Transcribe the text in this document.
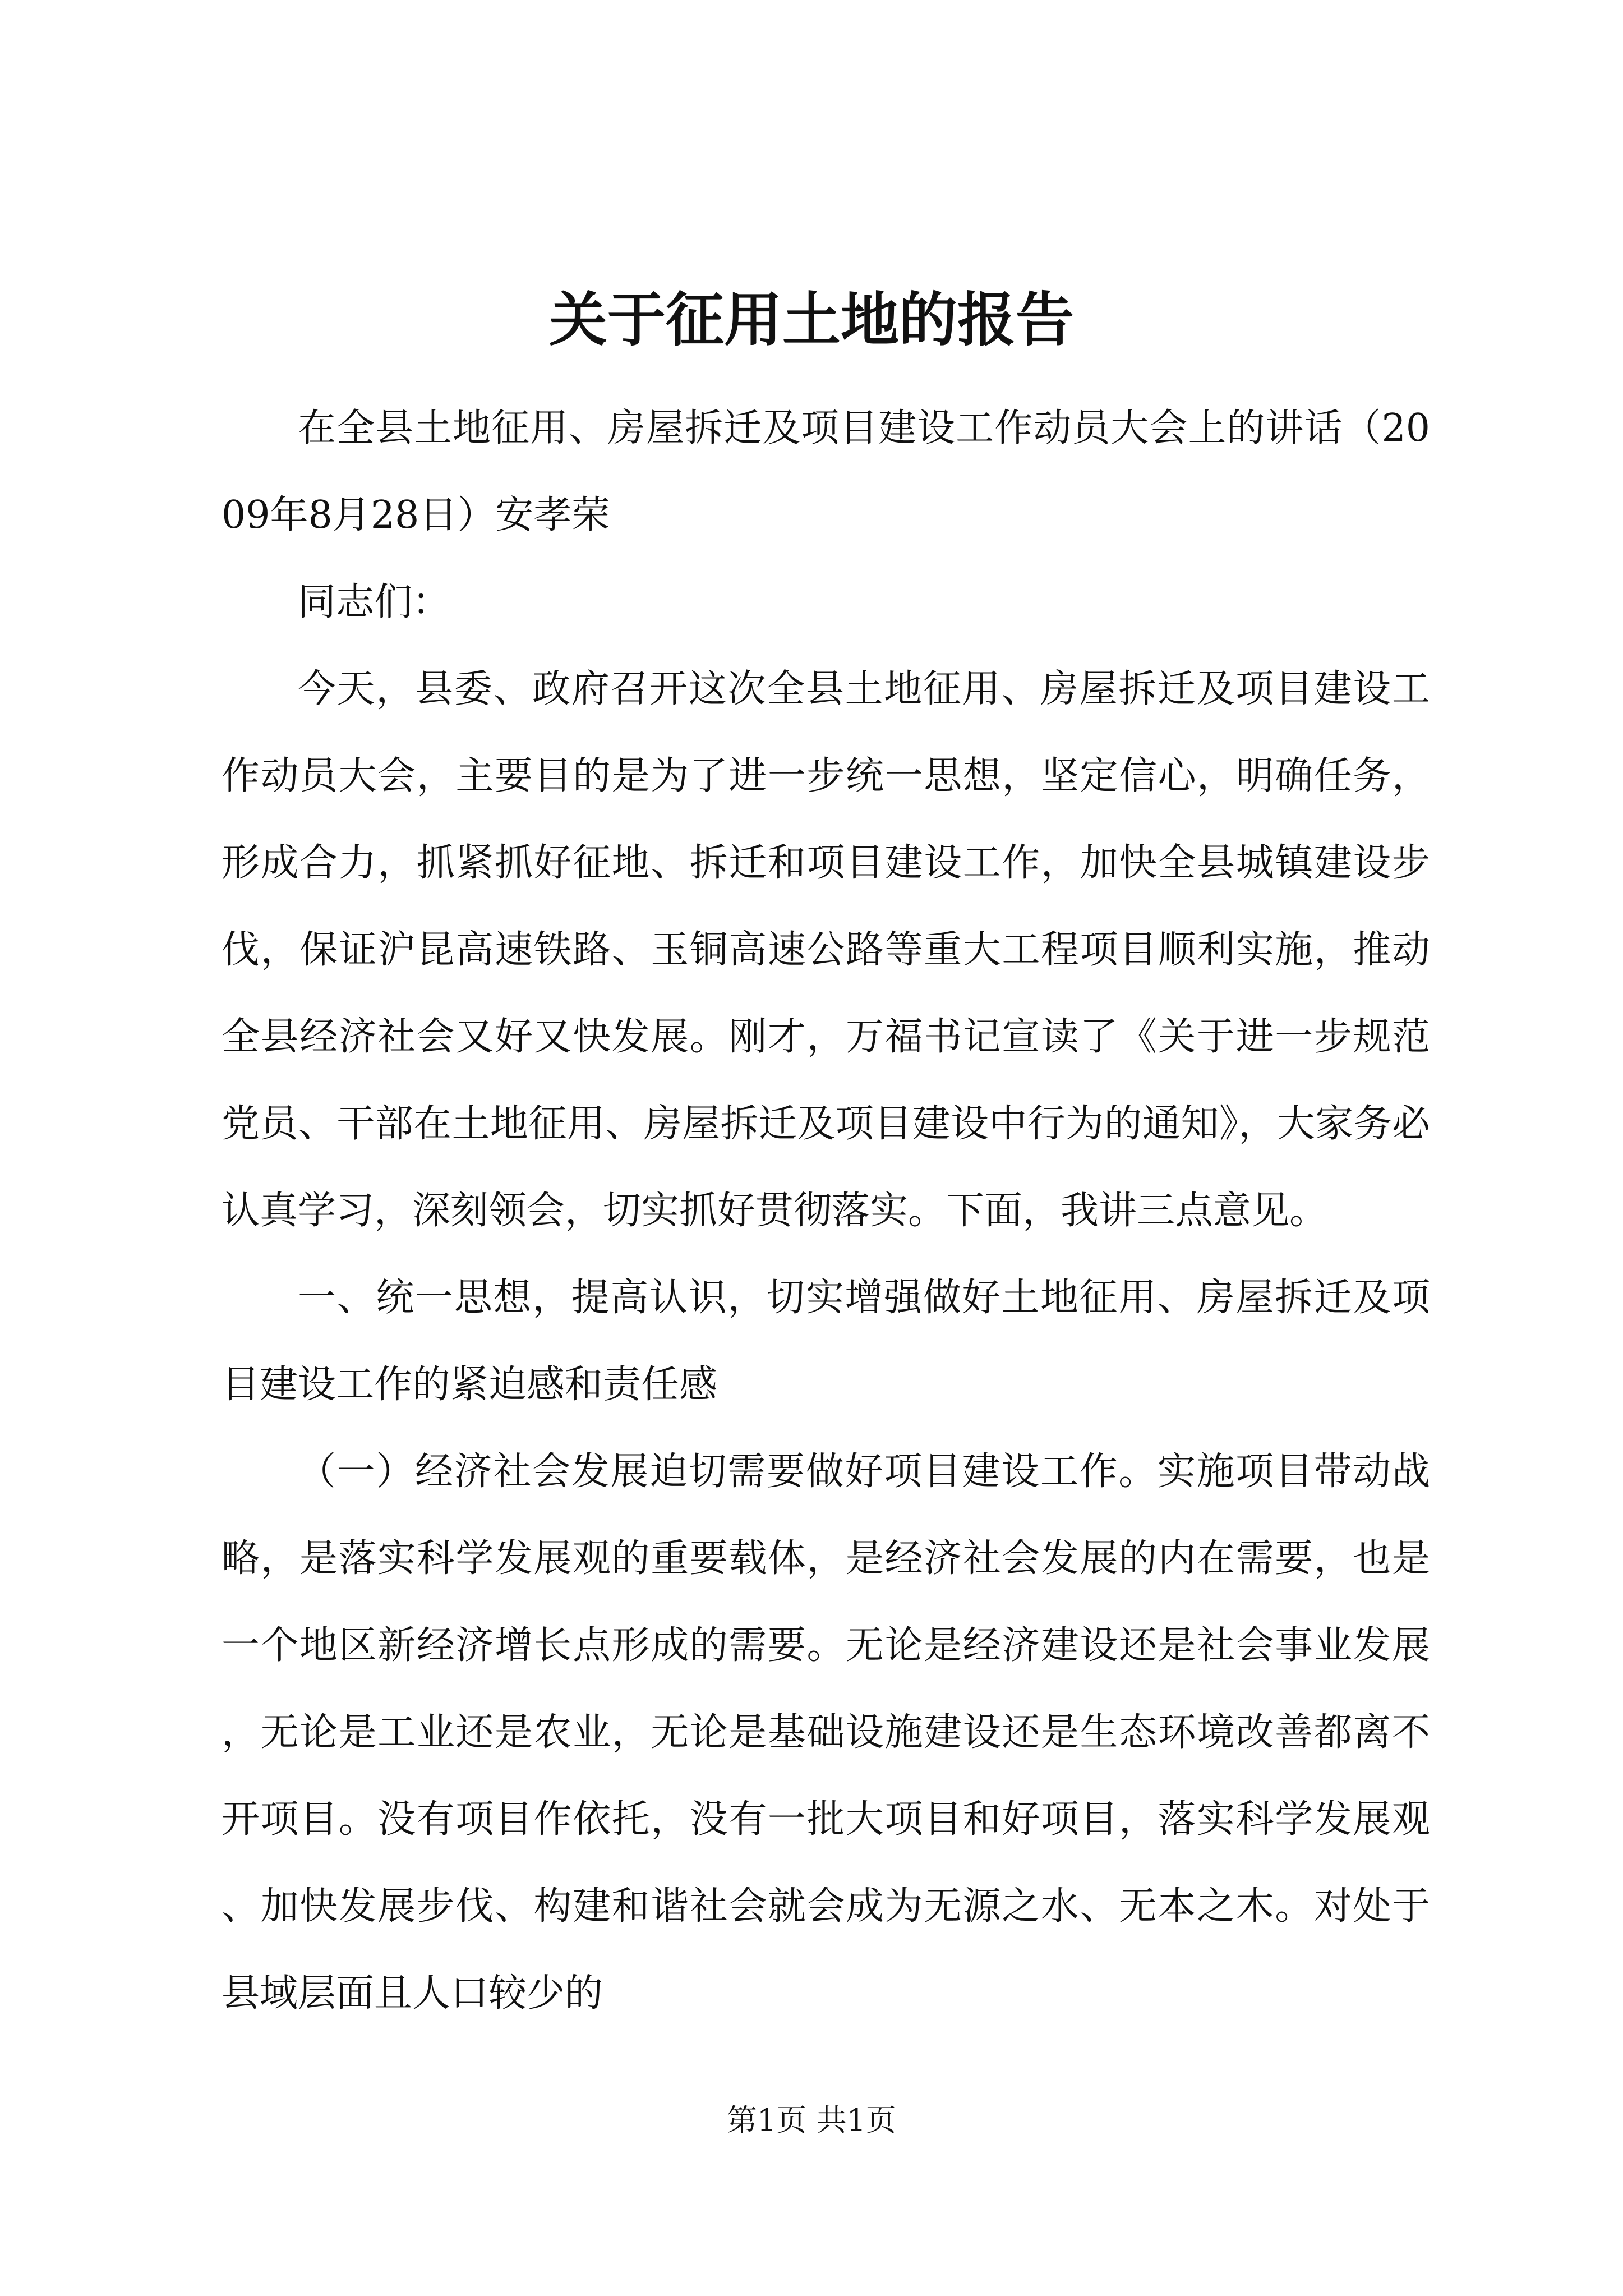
关于征用土地的报告

在全县土地征用、房屋拆迁及项目建设工作动员大会上的讲话（2009年8月28日）安孝荣

同志们：

今天，县委、政府召开这次全县土地征用、房屋拆迁及项目建设工作动员大会，主要目的是为了进一步统一思想，坚定信心，明确任务，形成合力，抓紧抓好征地、拆迁和项目建设工作，加快全县城镇建设步伐，保证沪昆高速铁路、玉铜高速公路等重大工程项目顺利实施，推动全县经济社会又好又快发展。刚才，万福书记宣读了《关于进一步规范党员、干部在土地征用、房屋拆迁及项目建设中行为的通知》，大家务必认真学习，深刻领会，切实抓好贯彻落实。下面，我讲三点意见。

一、统一思想，提高认识，切实增强做好土地征用、房屋拆迁及项目建设工作的紧迫感和责任感

（一）经济社会发展迫切需要做好项目建设工作。实施项目带动战略，是落实科学发展观的重要载体，是经济社会发展的内在需要，也是一个地区新经济增长点形成的需要。无论是经济建设还是社会事业发展，无论是工业还是农业，无论是基础设施建设还是生态环境改善都离不开项目。没有项目作依托，没有一批大项目和好项目，落实科学发展观、加快发展步伐、构建和谐社会就会成为无源之水、无本之木。对处于县域层面且人口较少的

第1页 共1页
